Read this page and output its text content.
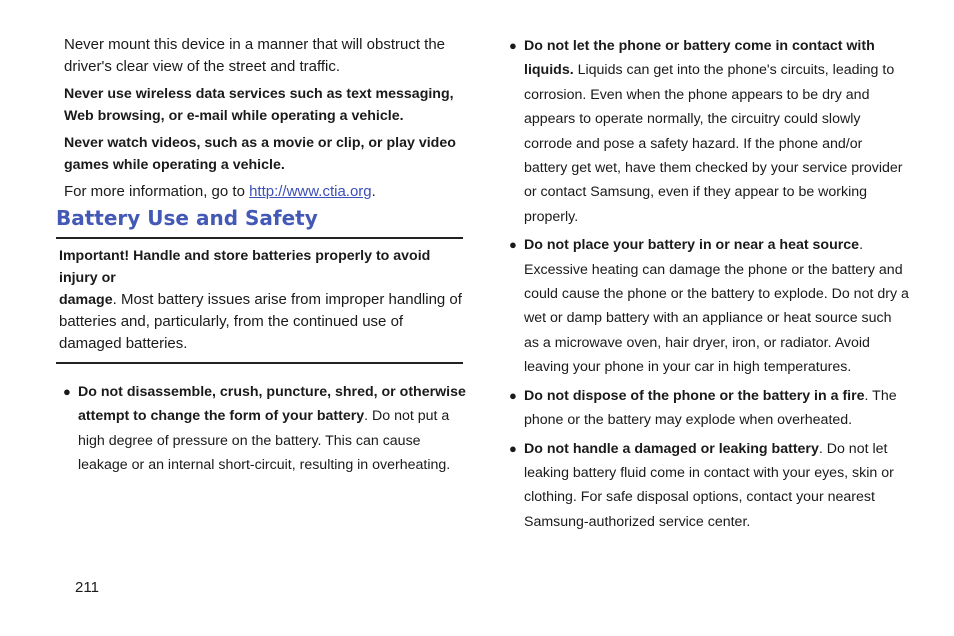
Never mount this device in a manner that will obstruct the driver's clear view of the street and traffic.

Never use wireless data services such as text messaging, Web browsing, or e-mail while operating a vehicle.

Never watch videos, such as a movie or clip, or play video games while operating a vehicle.

For more information, go to http://www.ctia.org.

Battery Use and Safety

Important! Handle and store batteries properly to avoid injury or

damage. Most battery issues arise from improper handling of batteries and, particularly, from the continued use of damaged batteries.

● Do not disassemble, crush, puncture, shred, or otherwise attempt to change the form of your battery. Do not put a high degree of pressure on the battery. This can cause leakage or an internal short-circuit, resulting in overheating.

● Do not let the phone or battery come in contact with liquids. Liquids can get into the phone's circuits, leading to corrosion. Even when the phone appears to be dry and appears to operate normally, the circuitry could slowly corrode and pose a safety hazard. If the phone and/or battery get wet, have them checked by your service provider or contact Samsung, even if they appear to be working properly.

● Do not place your battery in or near a heat source. Excessive heating can damage the phone or the battery and could cause the phone or the battery to explode. Do not dry a wet or damp battery with an appliance or heat source such as a microwave oven, hair dryer, iron, or radiator. Avoid leaving your phone in your car in high temperatures.

● Do not dispose of the phone or the battery in a fire. The phone or the battery may explode when overheated.

● Do not handle a damaged or leaking battery. Do not let leaking battery fluid come in contact with your eyes, skin or clothing. For safe disposal options, contact your nearest Samsung-authorized service center.

211
